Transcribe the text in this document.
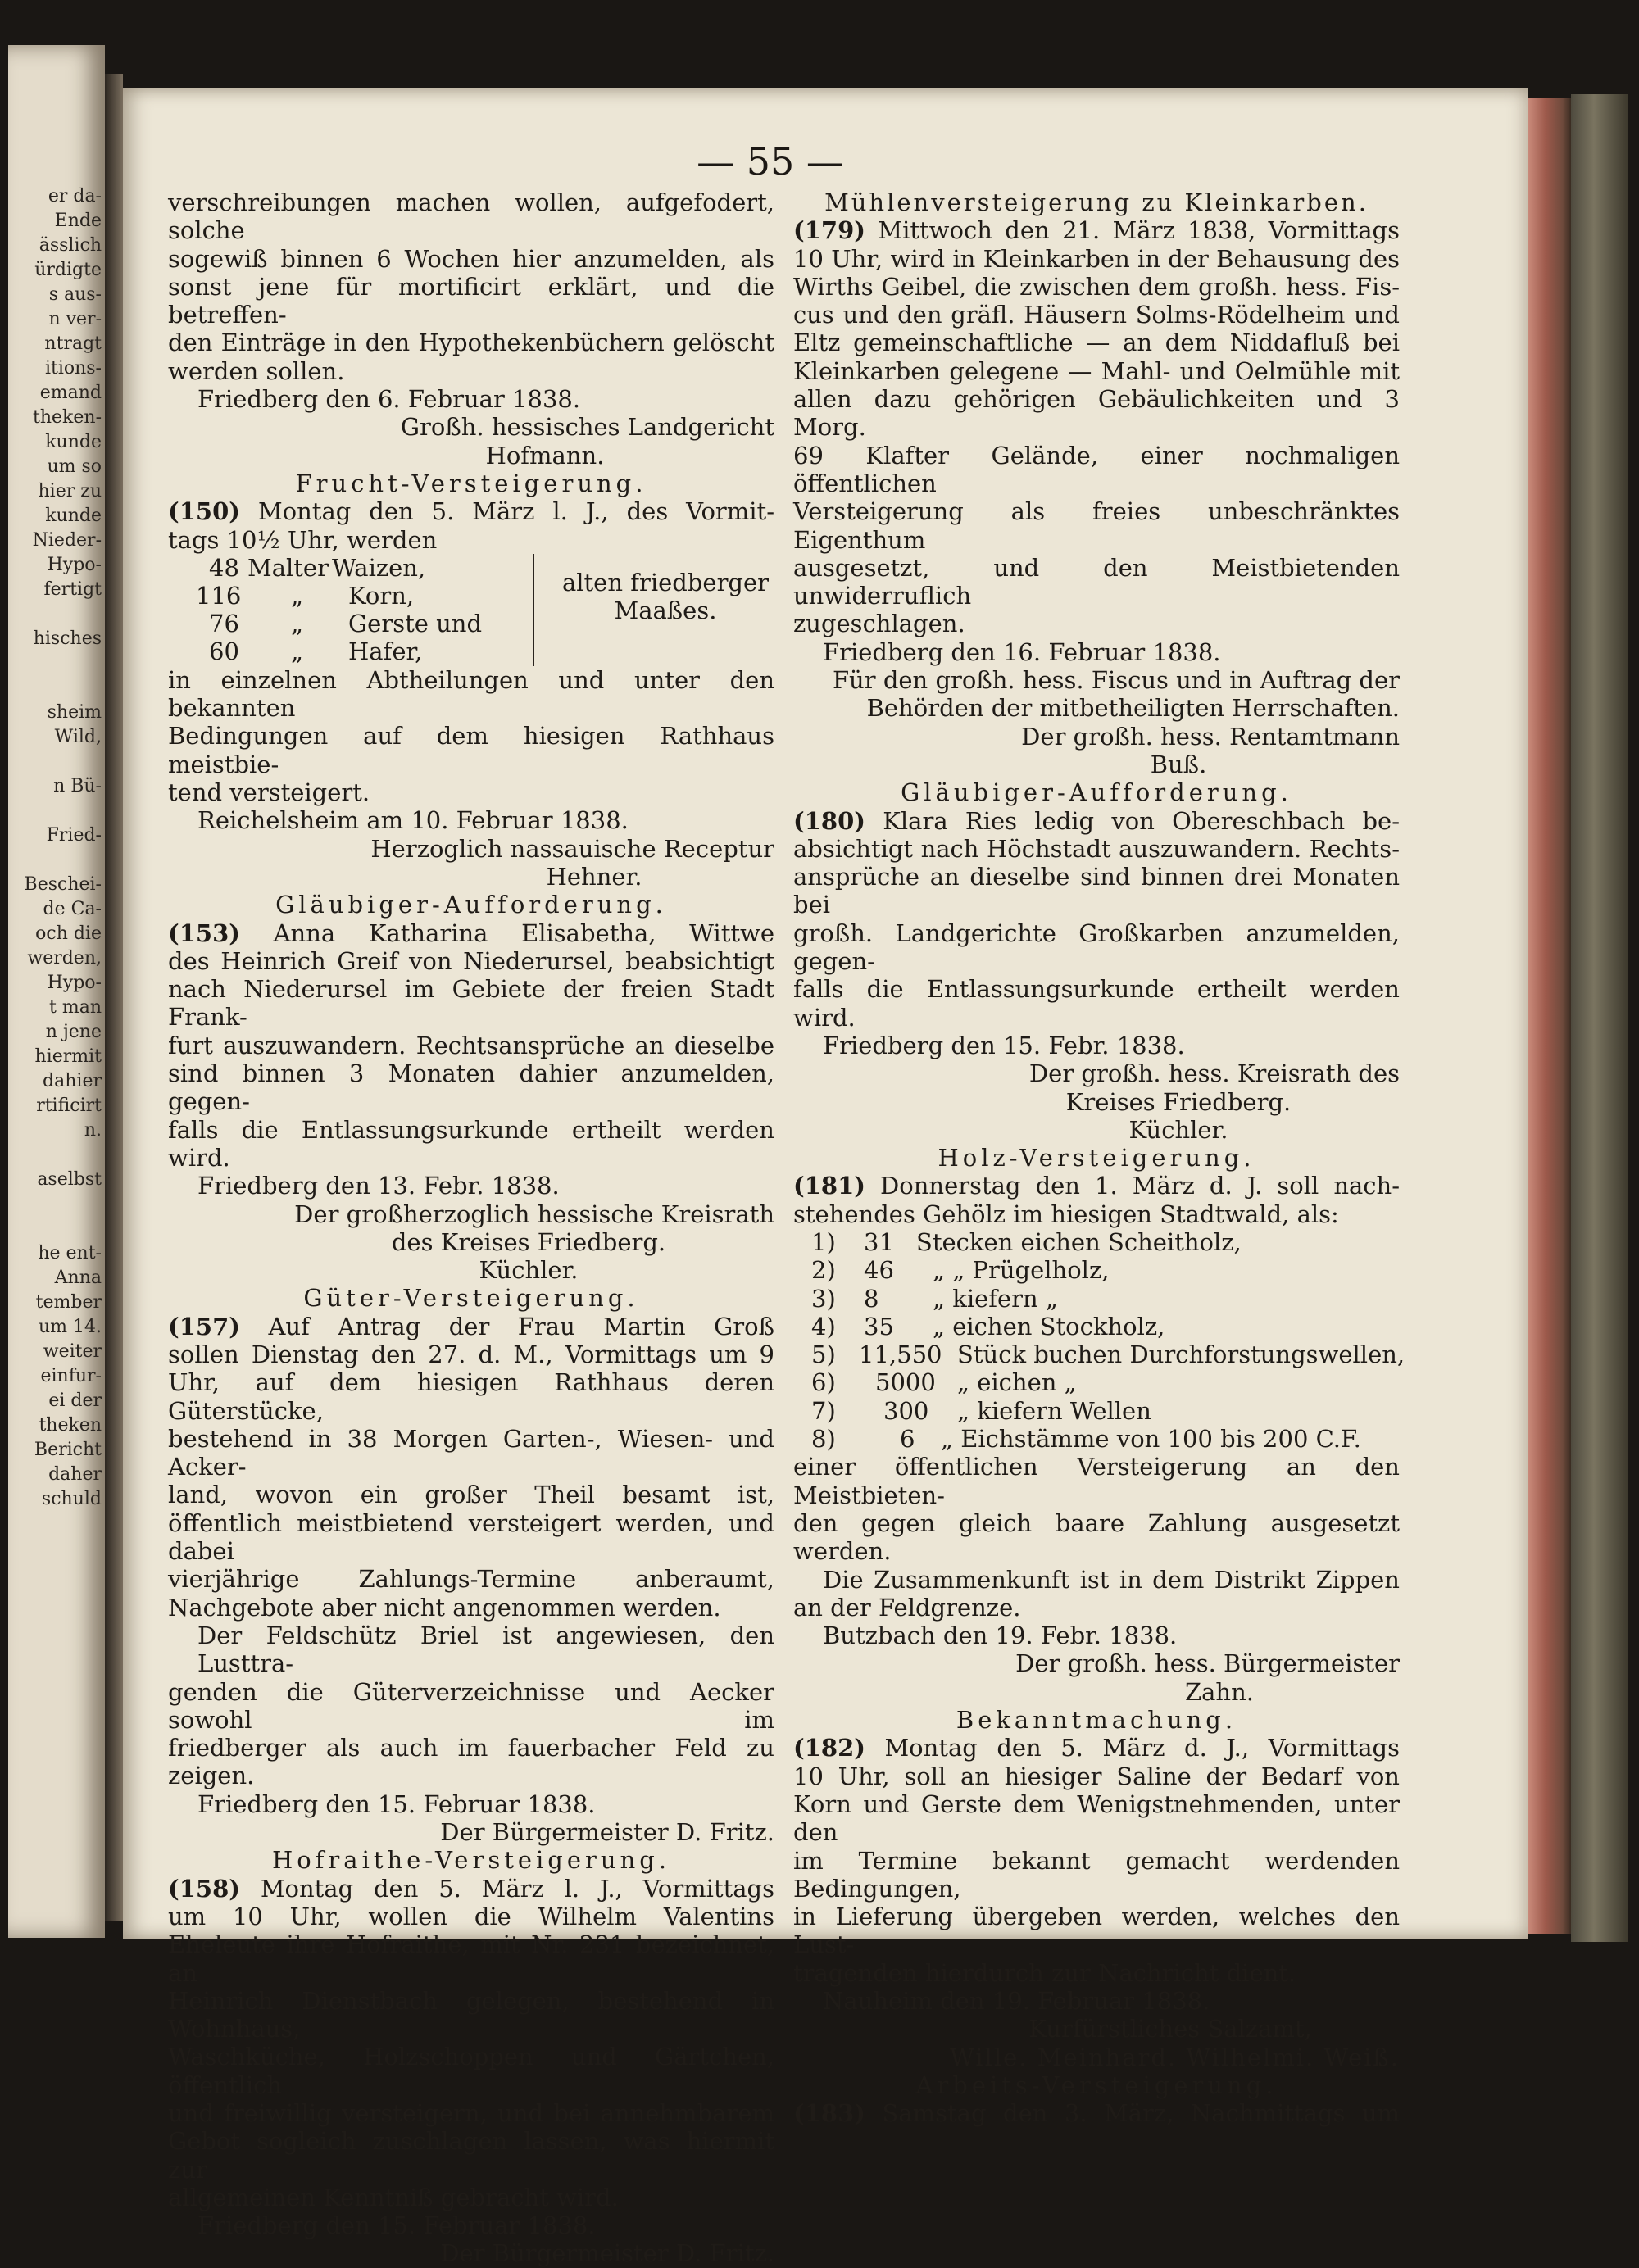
er da-
Ende
ässlich
ürdigte
s aus-
n ver-
ntragt
itions-
emand
theken-
kunde
um so
hier zu
kunde
Nieder-
Hypo-
fertigt

hisches

sheim
Wild,

n Bü-

Fried-

Beschei-
de Ca-
och die
werden,
Hypo-
t man
n jene
hiermit
dahier
rtificirt
n.

aselbst

he ent-
Anna
tember
um 14.
weiter
einfur-
ei der
theken
Bericht
daher
schuld
— 55 —

verschreibungen machen wollen, aufgefodert, solche

sogewiß binnen 6 Wochen hier anzumelden, als

sonst jene für mortificirt erklärt, und die betreffen-

den Einträge in den Hypothekenbüchern gelöscht

werden sollen.

Friedberg den 6. Februar 1838.

Großh. hessisches Landgericht

Hofmann.

Frucht-Versteigerung.

(150) Montag den 5. März l. J., des Vormit-

tags 10½ Uhr, werden

48 Malter Waizen,
116 „ Korn,
76 „ Gerste und
60 „ Hafer,
alten friedberger
Maaßes.

in einzelnen Abtheilungen und unter den bekannten

Bedingungen auf dem hiesigen Rathhaus meistbie-

tend versteigert.

Reichelsheim am 10. Februar 1838.

Herzoglich nassauische Receptur

Hehner.

Gläubiger-Aufforderung.

(153) Anna Katharina Elisabetha, Wittwe

des Heinrich Greif von Niederursel, beabsichtigt

nach Niederursel im Gebiete der freien Stadt Frank-

furt auszuwandern. Rechtsansprüche an dieselbe

sind binnen 3 Monaten dahier anzumelden, gegen-

falls die Entlassungsurkunde ertheilt werden wird.

Friedberg den 13. Febr. 1838.

Der großherzoglich hessische Kreisrath

des Kreises Friedberg.

Küchler.

Güter-Versteigerung.

(157) Auf Antrag der Frau Martin Groß

sollen Dienstag den 27. d. M., Vormittags um 9

Uhr, auf dem hiesigen Rathhaus deren Güterstücke,

bestehend in 38 Morgen Garten-, Wiesen- und Acker-

land, wovon ein großer Theil besamt ist,

öffentlich meistbietend versteigert werden, und dabei

vierjährige Zahlungs-Termine anberaumt,

Nachgebote aber nicht angenommen werden.

Der Feldschütz Briel ist angewiesen, den Lusttra-

genden die Güterverzeichnisse und Aecker sowohl im

friedberger als auch im fauerbacher Feld zu zeigen.

Friedberg den 15. Februar 1838.

Der Bürgermeister D. Fritz.

Hofraithe-Versteigerung.

(158) Montag den 5. März l. J., Vormittags

um 10 Uhr, wollen die Wilhelm Valentins

Eheleute ihre Hofraithe, mit Nr. 231 bezeichnet, an

Heinrich Dienstbach gelegen, bestehend in Wohnhaus,

Waschküche, Holzschoppen und Gärtchen, öffentlich

und freiwillig versteigern, und bei annehmbarem

Gebot sogleich zuschlagen lassen, was hiermit zur

allgemeinen Kenntniß gebracht wird.

Friedberg den 15. Februar 1838.

Der Bürgermeister D. Fritz.

Mühlenversteigerung zu Kleinkarben.

(179) Mittwoch den 21. März 1838, Vormittags

10 Uhr, wird in Kleinkarben in der Behausung des

Wirths Geibel, die zwischen dem großh. hess. Fis-

cus und den gräfl. Häusern Solms-Rödelheim und

Eltz gemeinschaftliche — an dem Niddafluß bei

Kleinkarben gelegene — Mahl- und Oelmühle mit

allen dazu gehörigen Gebäulichkeiten und 3 Morg.

69 Klafter Gelände, einer nochmaligen öffentlichen

Versteigerung als freies unbeschränktes Eigenthum

ausgesetzt, und den Meistbietenden unwiderruflich

zugeschlagen.

Friedberg den 16. Februar 1838.

Für den großh. hess. Fiscus und in Auftrag der

Behörden der mitbetheiligten Herrschaften.

Der großh. hess. Rentamtmann

Buß.

Gläubiger-Aufforderung.

(180) Klara Ries ledig von Obereschbach be-

absichtigt nach Höchstadt auszuwandern. Rechts-

ansprüche an dieselbe sind binnen drei Monaten bei

großh. Landgerichte Großkarben anzumelden, gegen-

falls die Entlassungsurkunde ertheilt werden wird.

Friedberg den 15. Febr. 1838.

Der großh. hess. Kreisrath des

Kreises Friedberg.

Küchler.

Holz-Versteigerung.

(181) Donnerstag den 1. März d. J. soll nach-

stehendes Gehölz im hiesigen Stadtwald, als:

1) 31 Stecken eichen Scheitholz,
2) 46 „ „ Prügelholz,
3) 8 „ kiefern „
4) 35 „ eichen Stockholz,
5) 11,550 Stück buchen Durchforstungswellen,
6) 5000 „ eichen „
7) 300 „ kiefern Wellen
8)	6 „ Eichstämme von 100 bis 200 C.F.

einer öffentlichen Versteigerung an den Meistbieten-

den gegen gleich baare Zahlung ausgesetzt werden.

Die Zusammenkunft ist in dem Distrikt Zippen

an der Feldgrenze.

Butzbach den 19. Febr. 1838.

Der großh. hess. Bürgermeister

Zahn.

Bekanntmachung.

(182) Montag den 5. März d. J., Vormittags

10 Uhr, soll an hiesiger Saline der Bedarf von

Korn und Gerste dem Wenigstnehmenden, unter den

im Termine bekannt gemacht werdenden Bedingungen,

in Lieferung übergeben werden, welches den Lust-

tragenden hierdurch zur Nachricht dient.

Nauheim den 19. Februar 1838.

Kurfürstliches Salzamt,

Wille. Meinhard. Wilhelmi. Weiß.

Arbeits-Versteigerung.

(183) Samstag den 3. März, Nachmittags um
